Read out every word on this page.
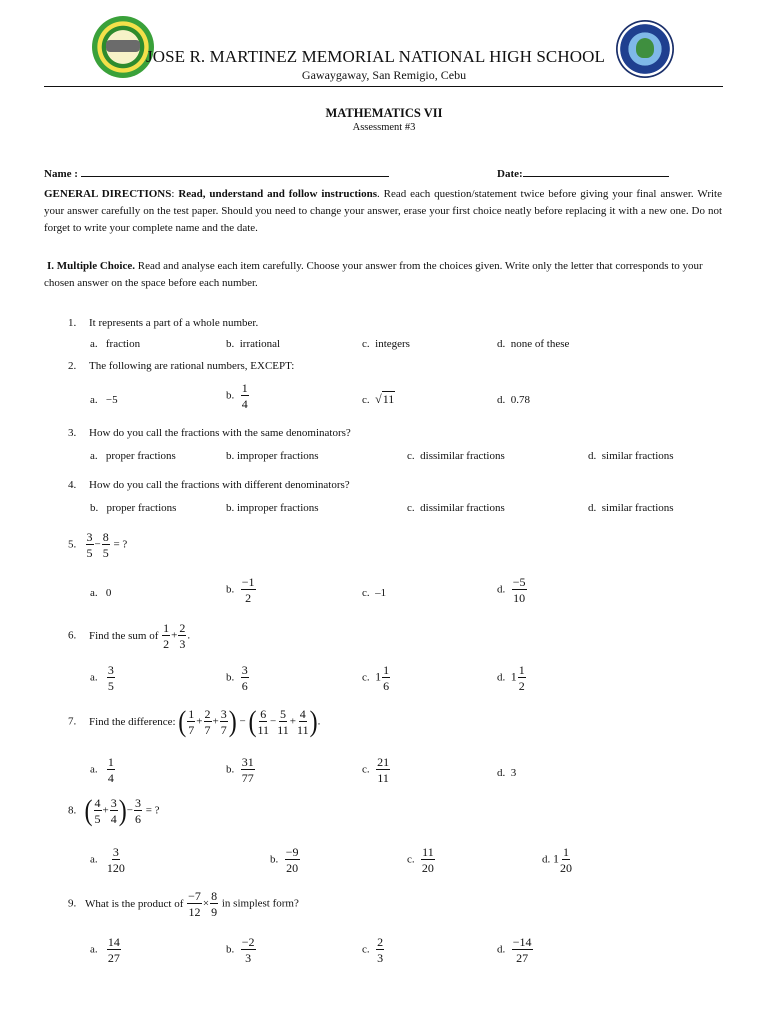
JOSE R. MARTINEZ MEMORIAL NATIONAL HIGH SCHOOL
Gawaygaway, San Remigio, Cebu
MATHEMATICS VII
Assessment #3
Name :	Date:
GENERAL DIRECTIONS: Read, understand and follow instructions. Read each question/statement twice before giving your final answer. Write your answer carefully on the test paper. Should you need to change your answer, erase your first choice neatly before replacing it with a new one. Do not forget to write your complete name and the date.
I. Multiple Choice. Read and analyse each item carefully. Choose your answer from the choices given. Write only the letter that corresponds to your chosen answer on the space before each number.
1. It represents a part of a whole number.
a. fraction	b. irrational	c. integers	d. none of these
2. The following are rational numbers, EXCEPT:
a. −5	b. $\frac{1}{4}$	c. √11	d. 0.78
3. How do you call the fractions with the same denominators?
a. proper fractions	b. improper fractions	c. dissimilar fractions	d. similar fractions
4. How do you call the fractions with different denominators?
b. proper fractions	b. improper fractions	c. dissimilar fractions	d. similar fractions
5. $\frac{3}{5} - \frac{8}{5}$ = ?
a. 0	b. $\frac{-1}{2}$	c. –1	d. $\frac{-5}{10}$
6. Find the sum of $\frac{1}{2} + \frac{2}{3}$ .
a. $\frac{3}{5}$	b. $\frac{3}{6}$	c. $1 \frac{1}{6}$	d. $1 \frac{1}{2}$
7. Find the difference: ( $\frac{1}{7} + \frac{2}{7} + \frac{3}{7}$ ) − ( $\frac{6}{11} - \frac{5}{11} + \frac{4}{11}$ ).
a. $\frac{1}{4}$	b. $\frac{31}{77}$	c. $\frac{21}{11}$	d. 3
8. ( $\frac{4}{5} + \frac{3}{4}$ )− $\frac{3}{6}$ = ?
a. $\frac{3}{120}$	b. $\frac{-9}{20}$	c. $\frac{11}{20}$	d. $1 \frac{1}{20}$
9. What is the product of $\frac{-7}{12} \times \frac{8}{9}$ in simplest form?
a. $\frac{14}{27}$	b. $\frac{-2}{3}$	c. $\frac{2}{3}$	d. $\frac{-14}{27}$
